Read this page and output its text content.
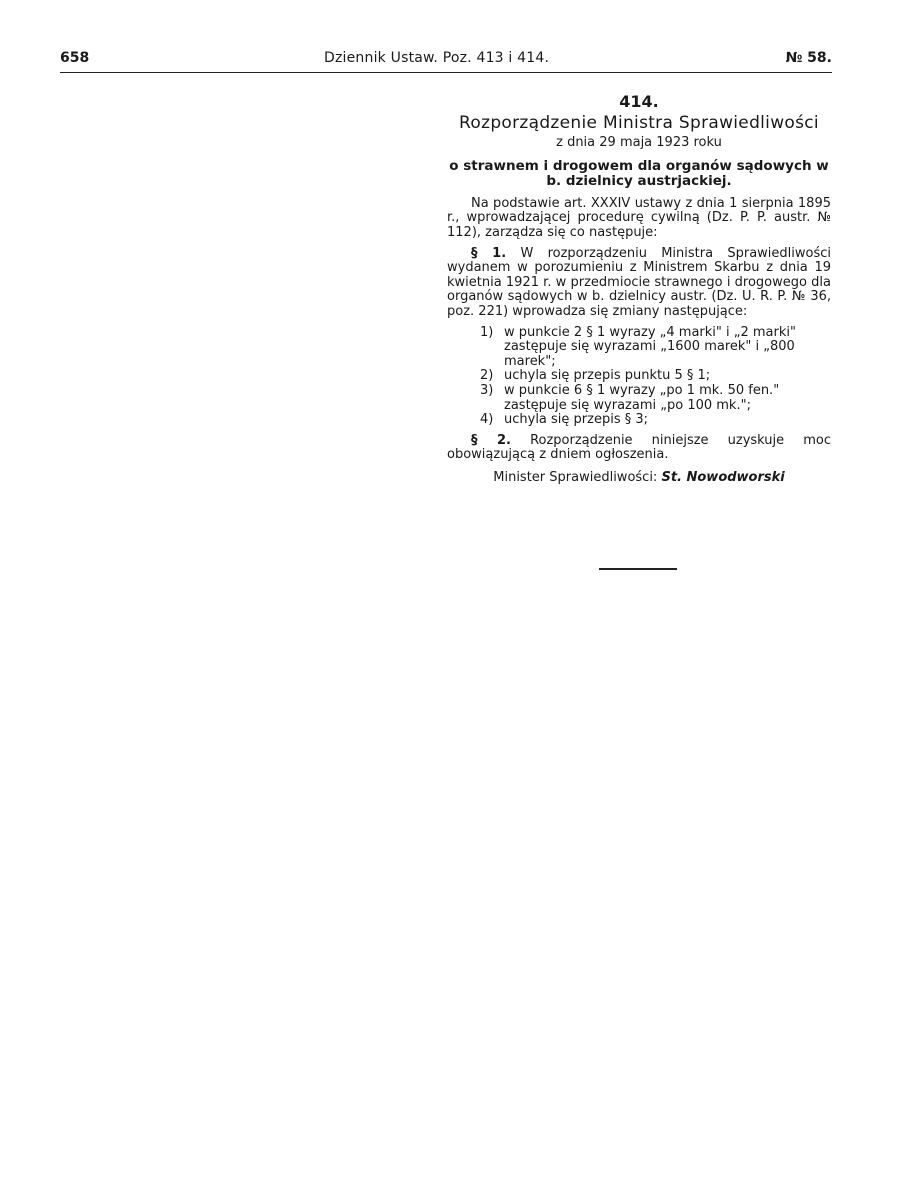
658	Dziennik Ustaw. Poz. 413 i 414.	№ 58.
414.
Rozporządzenie Ministra Sprawiedliwości
z dnia 29 maja 1923 roku
o strawnem i drogowem dla organów sądowych w b. dzielnicy austrjackiej.

Na podstawie art. XXXIV ustawy z dnia 1 sierpnia 1895 r., wprowadzającej procedurę cywilną (Dz. P. P. austr. № 112), zarządza się co następuje:

§ 1. W rozporządzeniu Ministra Sprawiedliwości wydanem w porozumieniu z Ministrem Skarbu z dnia 19 kwietnia 1921 r. w przedmiocie strawnego i drogowego dla organów sądowych w b. dzielnicy austr. (Dz. U. R. P. № 36, poz. 221) wprowadza się zmiany następujące:

1) w punkcie 2 § 1 wyrazy „4 marki" i „2 marki" zastępuje się wyrazami „1600 marek" i „800 marek";
2) uchyla się przepis punktu 5 § 1;
3) w punkcie 6 § 1 wyrazy „po 1 mk. 50 fen." zastępuje się wyrazami „po 100 mk.";
4) uchyla się przepis § 3;

§ 2. Rozporządzenie niniejsze uzyskuje moc obowiązującą z dniem ogłoszenia.

Minister Sprawiedliwości: St. Nowodworski
